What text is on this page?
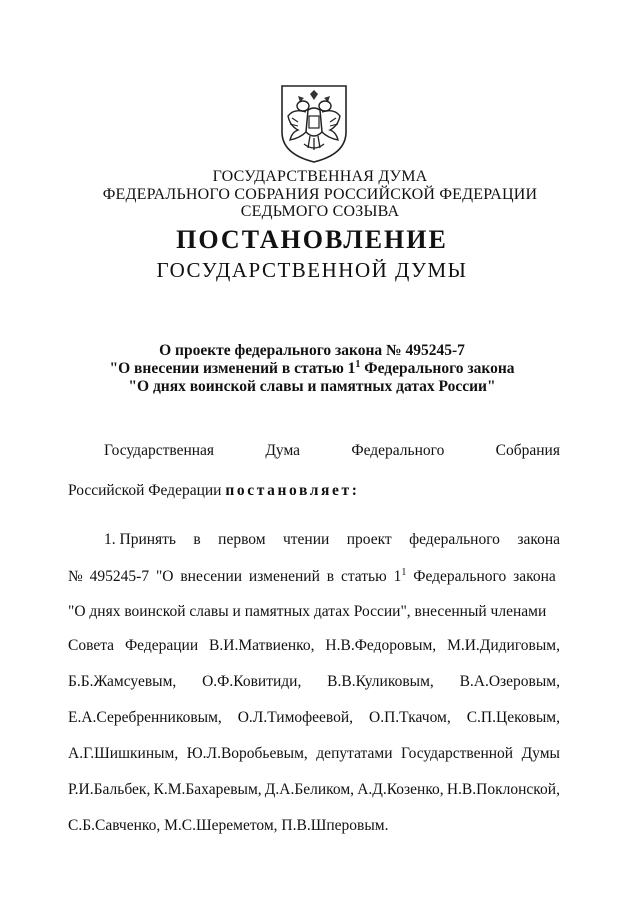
ГОСУДАРСТВЕННАЯ ДУМА
ФЕДЕРАЛЬНОГО СОБРАНИЯ РОССИЙСКОЙ ФЕДЕРАЦИИ
СЕДЬМОГО СОЗЫВА
ПОСТАНОВЛЕНИЕ
ГОСУДАРСТВЕННОЙ ДУМЫ
О проекте федерального закона № 495245-7
"О внесении изменений в статью $1^1$ Федерального закона
"О днях воинской славы и памятных датах России"
Государственная	Дума	Федерального	Собрания
Российской Федерации постановляет:
1. Принять в первом чтении проект федерального закона
№ 495245-7 "О внесении изменений в статью $1^1$ Федерального закона
"О днях воинской славы и памятных датах России", внесенный членами
Совета Федерации В.И.Матвиенко, Н.В.Федоровым, М.И.Дидиговым,
Б.Б.Жамсуевым, О.Ф.Ковитиди, В.В.Куликовым, В.А.Озеровым,
Е.А.Серебренниковым, О.Л.Тимофеевой, О.П.Ткачом, С.П.Цековым,
А.Г.Шишкиным, Ю.Л.Воробьевым, депутатами Государственной Думы
Р.И.Бальбек, К.М.Бахаревым, Д.А.Беликом, А.Д.Козенко, Н.В.Поклонской,
С.Б.Савченко, М.С.Шереметом, П.В.Шперовым.
